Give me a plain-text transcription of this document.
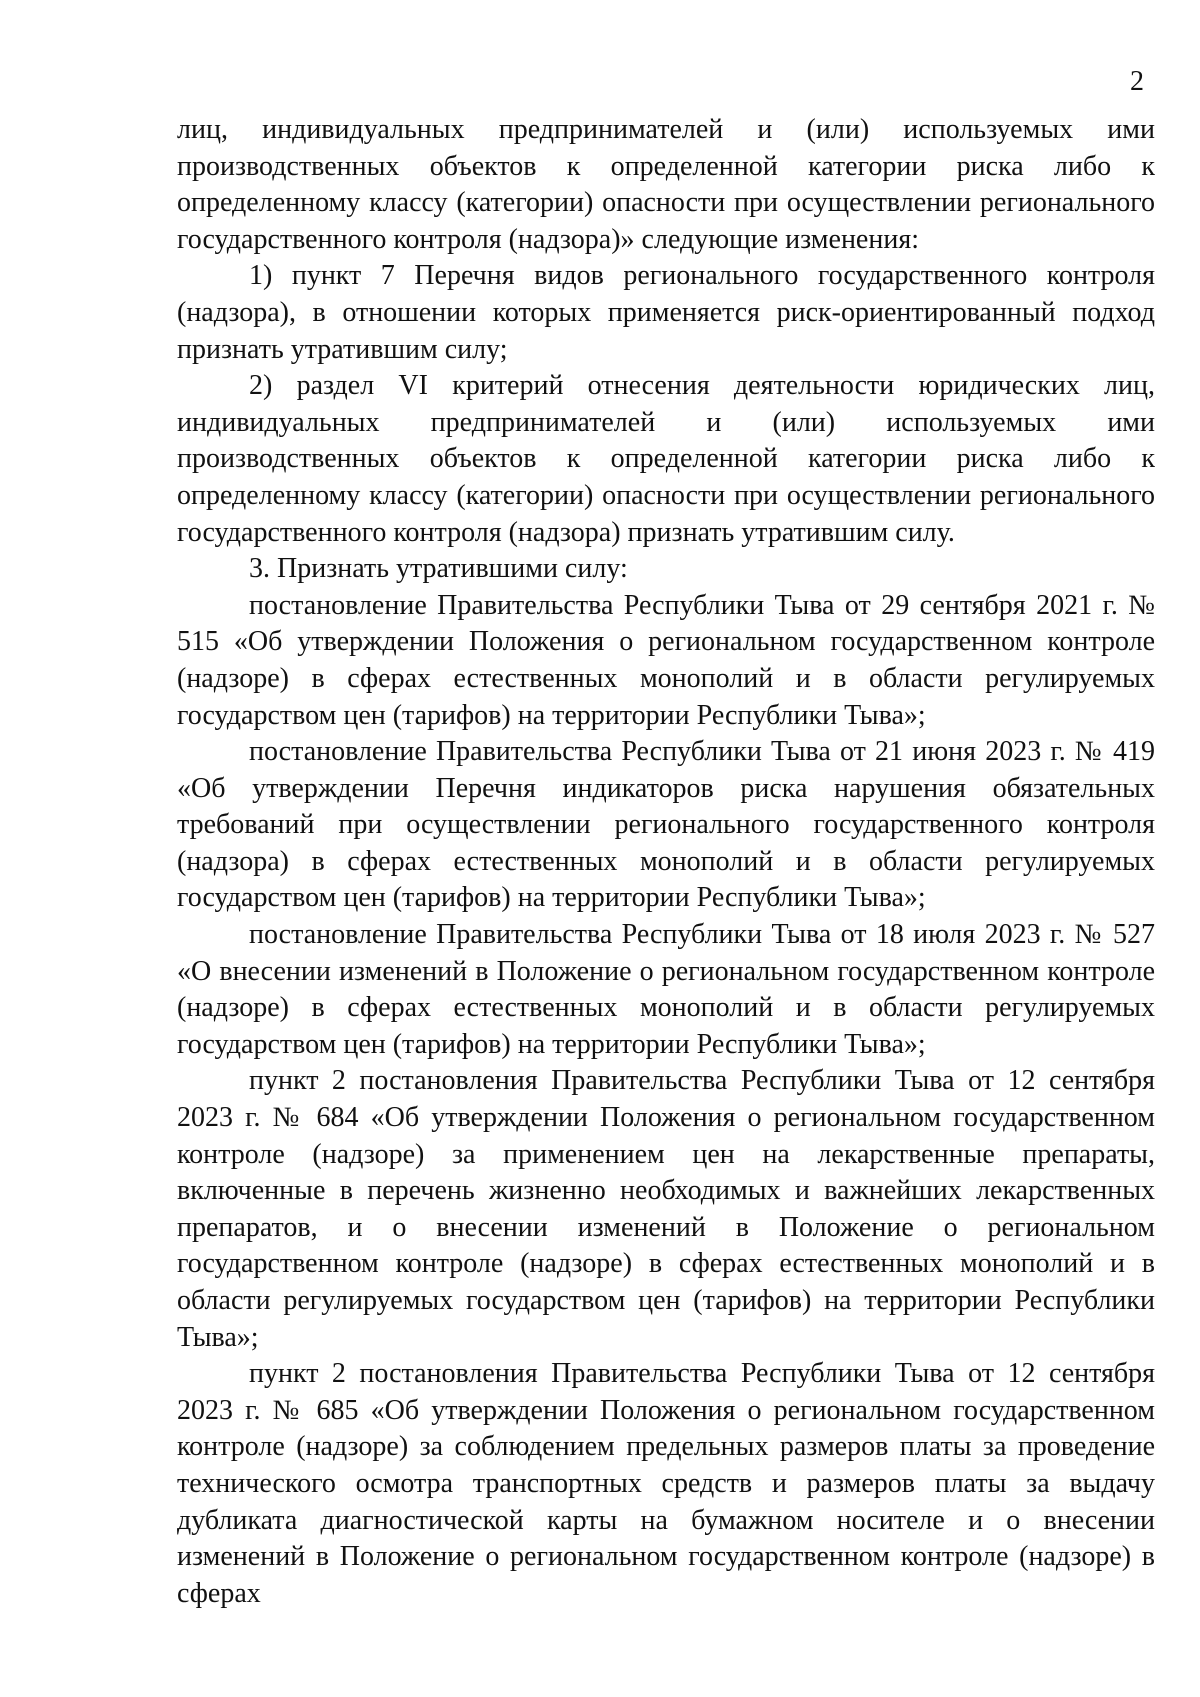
2

лиц, индивидуальных предпринимателей и (или) используемых ими производственных объектов к определенной категории риска либо к определенному классу (категории) опасности при осуществлении регионального государственного контроля (надзора)» следующие изменения:

1) пункт 7 Перечня видов регионального государственного контроля (надзора), в отношении которых применяется риск-ориентированный подход признать утратившим силу;

2) раздел VI критерий отнесения деятельности юридических лиц, индивидуальных предпринимателей и (или) используемых ими производственных объектов к определенной категории риска либо к определенному классу (категории) опасности при осуществлении регионального государственного контроля (надзора) признать утратившим силу.

3. Признать утратившими силу:

постановление Правительства Республики Тыва от 29 сентября 2021 г. № 515 «Об утверждении Положения о региональном государственном контроле (надзоре) в сферах естественных монополий и в области регулируемых государством цен (тарифов) на территории Республики Тыва»;

постановление Правительства Республики Тыва от 21 июня 2023 г. № 419 «Об утверждении Перечня индикаторов риска нарушения обязательных требований при осуществлении регионального государственного контроля (надзора) в сферах естественных монополий и в области регулируемых государством цен (тарифов) на территории Республики Тыва»;

постановление Правительства Республики Тыва от 18 июля 2023 г. № 527 «О внесении изменений в Положение о региональном государственном контроле (надзоре) в сферах естественных монополий и в области регулируемых государством цен (тарифов) на территории Республики Тыва»;

пункт 2 постановления Правительства Республики Тыва от 12 сентября 2023 г. № 684 «Об утверждении Положения о региональном государственном контроле (надзоре) за применением цен на лекарственные препараты, включенные в перечень жизненно необходимых и важнейших лекарственных препаратов, и о внесении изменений в Положение о региональном государственном контроле (надзоре) в сферах естественных монополий и в области регулируемых государством цен (тарифов) на территории Республики Тыва»;

пункт 2 постановления Правительства Республики Тыва от 12 сентября 2023 г. № 685 «Об утверждении Положения о региональном государственном контроле (надзоре) за соблюдением предельных размеров платы за проведение технического осмотра транспортных средств и размеров платы за выдачу дубликата диагностической карты на бумажном носителе и о внесении изменений в Положение о региональном государственном контроле (надзоре) в сферах
